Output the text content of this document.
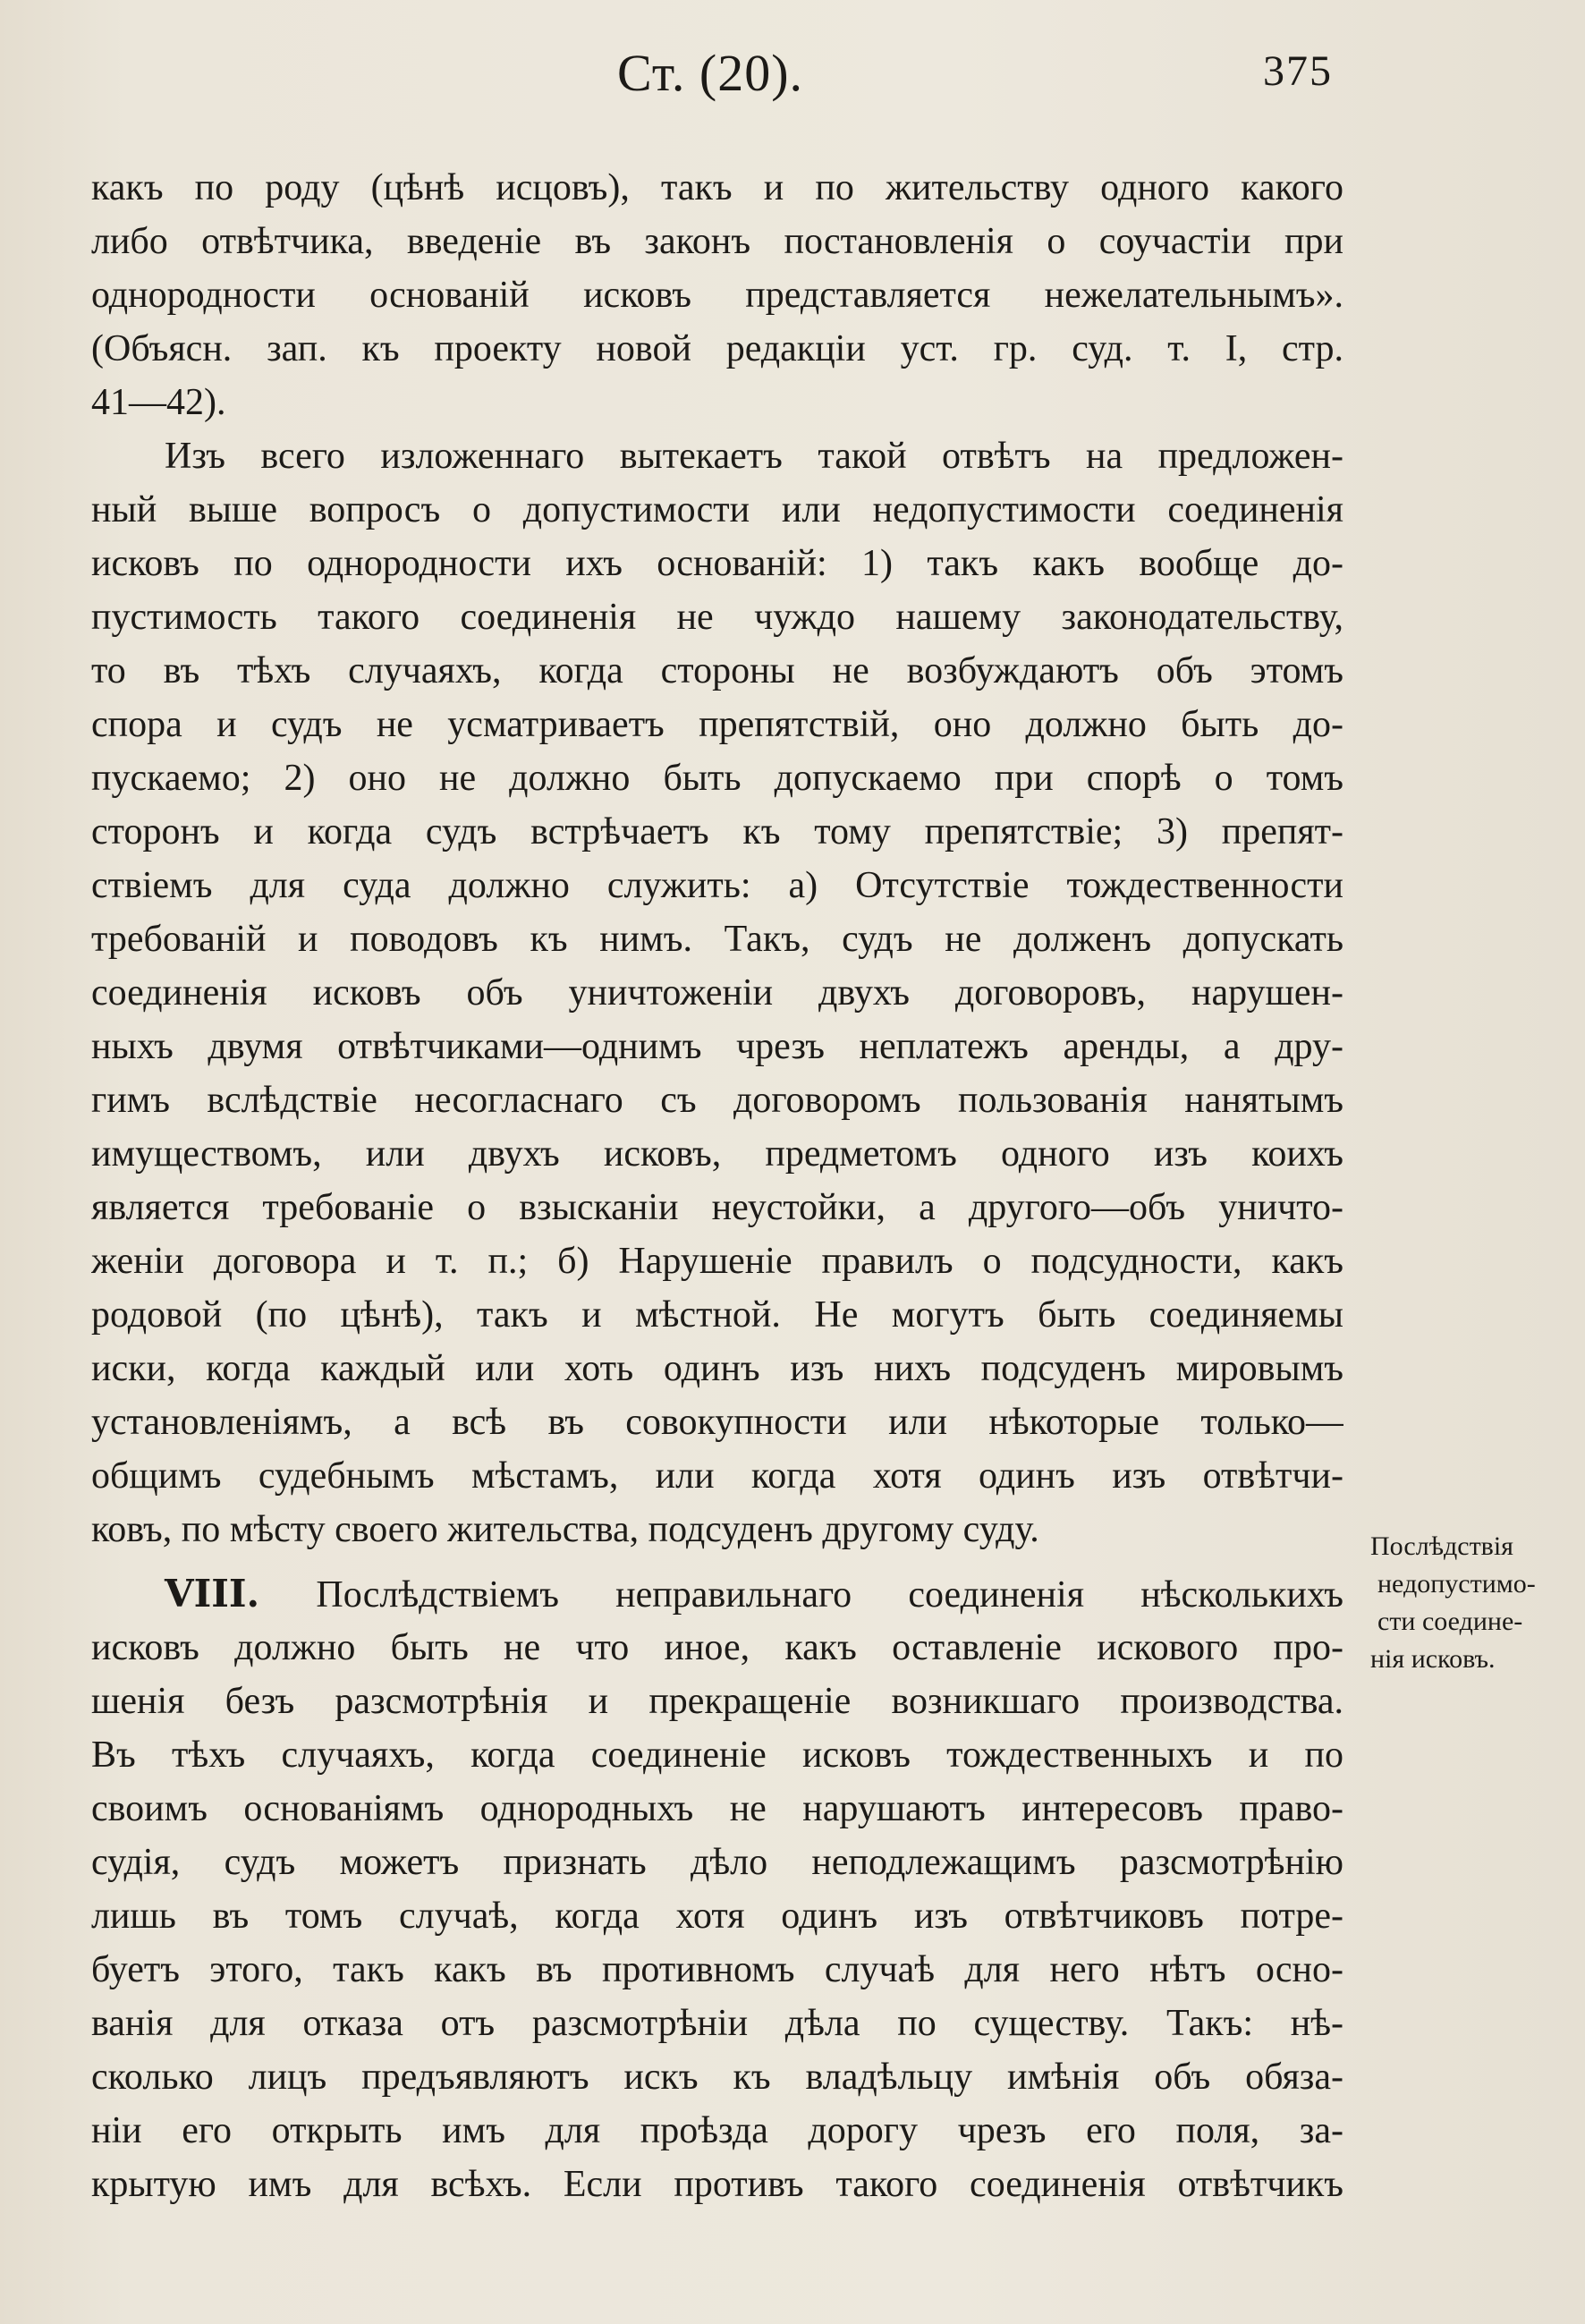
Ст. (20).	375
какъ по роду (цѣнѣ исцовъ), такъ и по жительству одного какого
либо отвѣтчика, введеніе въ законъ постановленія о соучастіи при
однородности основаній исковъ представляется нежелательнымъ».
(Объясн. зап. къ проекту новой редакціи уст. гр. суд. т. I, стр.
41—42).
Изъ всего изложеннаго вытекаетъ такой отвѣтъ на предложен-
ный выше вопросъ о допустимости или недопустимости соединенія
исковъ по однородности ихъ основаній: 1) такъ какъ вообще до-
пустимость такого соединенія не чуждо нашему законодательству,
то въ тѣхъ случаяхъ, когда стороны не возбуждаютъ объ этомъ
спора и судъ не усматриваетъ препятствій, оно должно быть до-
пускаемо; 2) оно не должно быть допускаемо при спорѣ о томъ
сторонъ и когда судъ встрѣчаетъ къ тому препятствіе; 3) препят-
ствіемъ для суда должно служить: а) Отсутствіе тождественности
требованій и поводовъ къ нимъ. Такъ, судъ не долженъ допускать
соединенія исковъ объ уничтоженіи двухъ договоровъ, нарушен-
ныхъ двумя отвѣтчиками—однимъ чрезъ неплатежъ аренды, а дру-
гимъ вслѣдствіе несогласнаго съ договоромъ пользованія нанятымъ
имуществомъ, или двухъ исковъ, предметомъ одного изъ коихъ
является требованіе о взысканіи неустойки, а другого—объ уничто-
женіи договора и т. п.; б) Нарушеніе правилъ о подсудности, какъ
родовой (по цѣнѣ), такъ и мѣстной. Не могутъ быть соединяемы
иски, когда каждый или хоть одинъ изъ нихъ подсуденъ мировымъ
установленіямъ, а всѣ въ совокупности или нѣкоторые только—
общимъ судебнымъ мѣстамъ, или когда хотя одинъ изъ отвѣтчи-
ковъ, по мѣсту своего жительства, подсуденъ другому суду.
VIII. Послѣдствіемъ неправильнаго соединенія нѣсколькихъ
исковъ должно быть не что иное, какъ оставленіе искового про-
шенія безъ разсмотрѣнія и прекращеніе возникшаго производства.
Въ тѣхъ случаяхъ, когда соединеніе исковъ тождественныхъ и по
своимъ основаніямъ однородныхъ не нарушаютъ интересовъ право-
судія, судъ можетъ признать дѣло неподлежащимъ разсмотрѣнію
лишь въ томъ случаѣ, когда хотя одинъ изъ отвѣтчиковъ потре-
буетъ этого, такъ какъ въ противномъ случаѣ для него нѣтъ осно-
ванія для отказа отъ разсмотрѣніи дѣла по существу. Такъ: нѣ-
сколько лицъ предъявляютъ искъ къ владѣльцу имѣнія объ обяза-
ніи его открыть имъ для проѣзда дорогу чрезъ его поля, за-
крытую имъ для всѣхъ. Если противъ такого соединенія отвѣтчикъ
Послѣдствія
недопустимо-
сти соедине-
нія исковъ.
